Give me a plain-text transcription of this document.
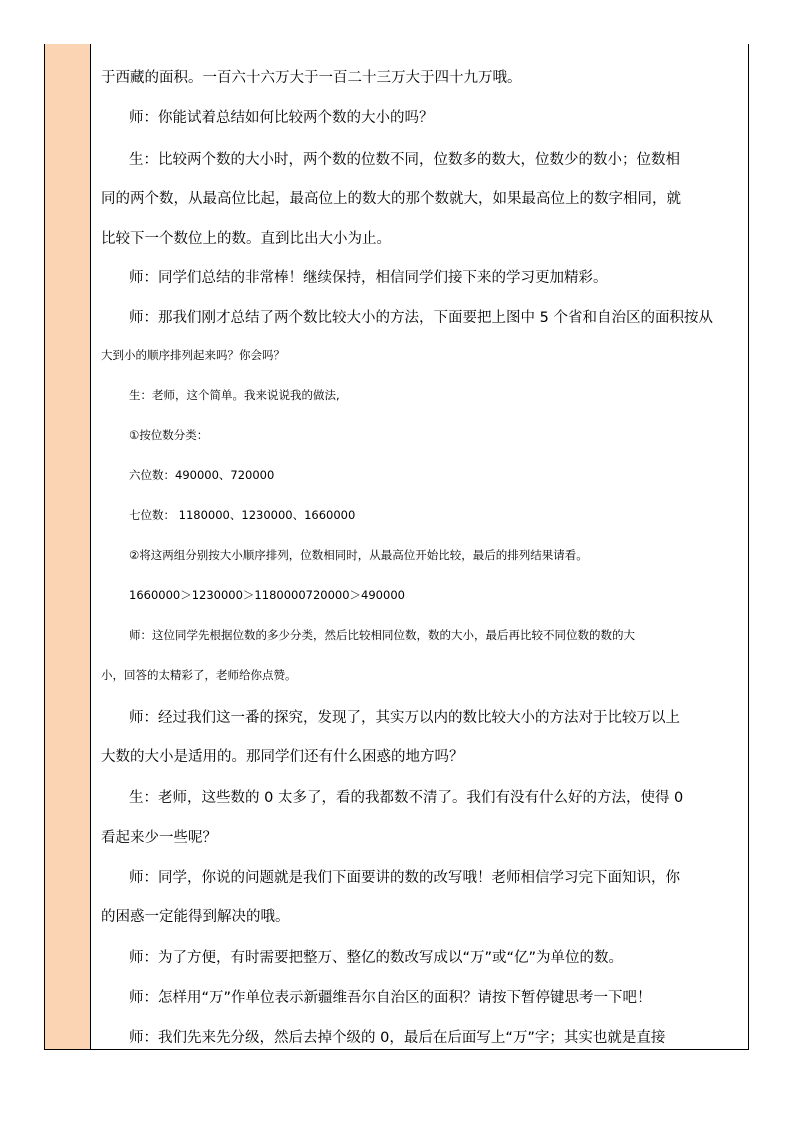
于西藏的面积。一百六十六万大于一百二十三万大于四十九万哦。
师：你能试着总结如何比较两个数的大小的吗？
生：比较两个数的大小时，两个数的位数不同，位数多的数大，位数少的数小；位数相
同的两个数，从最高位比起，最高位上的数大的那个数就大，如果最高位上的数字相同，就
比较下一个数位上的数。直到比出大小为止。
师：同学们总结的非常棒！继续保持，相信同学们接下来的学习更加精彩。
师：那我们刚才总结了两个数比较大小的方法，下面要把上图中 5 个省和自治区的面积按从
大到小的顺序排列起来吗？你会吗？
生：老师，这个简单。我来说说我的做法,
①按位数分类：
六位数：490000、720000
七位数： 1180000、1230000、1660000
②将这两组分别按大小顺序排列，位数相同时，从最高位开始比较，最后的排列结果请看。
1660000＞1230000＞1180000720000＞490000
师：这位同学先根据位数的多少分类，然后比较相同位数，数的大小，最后再比较不同位数的数的大
小，回答的太精彩了，老师给你点赞。
师：经过我们这一番的探究，发现了，其实万以内的数比较大小的方法对于比较万以上
大数的大小是适用的。那同学们还有什么困惑的地方吗？
生：老师，这些数的 0 太多了，看的我都数不清了。我们有没有什么好的方法，使得 0
看起来少一些呢？
师：同学，你说的问题就是我们下面要讲的数的改写哦！老师相信学习完下面知识，你
的困惑一定能得到解决的哦。
师：为了方便，有时需要把整万、整亿的数改写成以“万”或“亿”为单位的数。
师：怎样用“万”作单位表示新疆维吾尔自治区的面积？请按下暂停键思考一下吧！
师：我们先来先分级，然后去掉个级的 0，最后在后面写上“万”字；其实也就是直接
